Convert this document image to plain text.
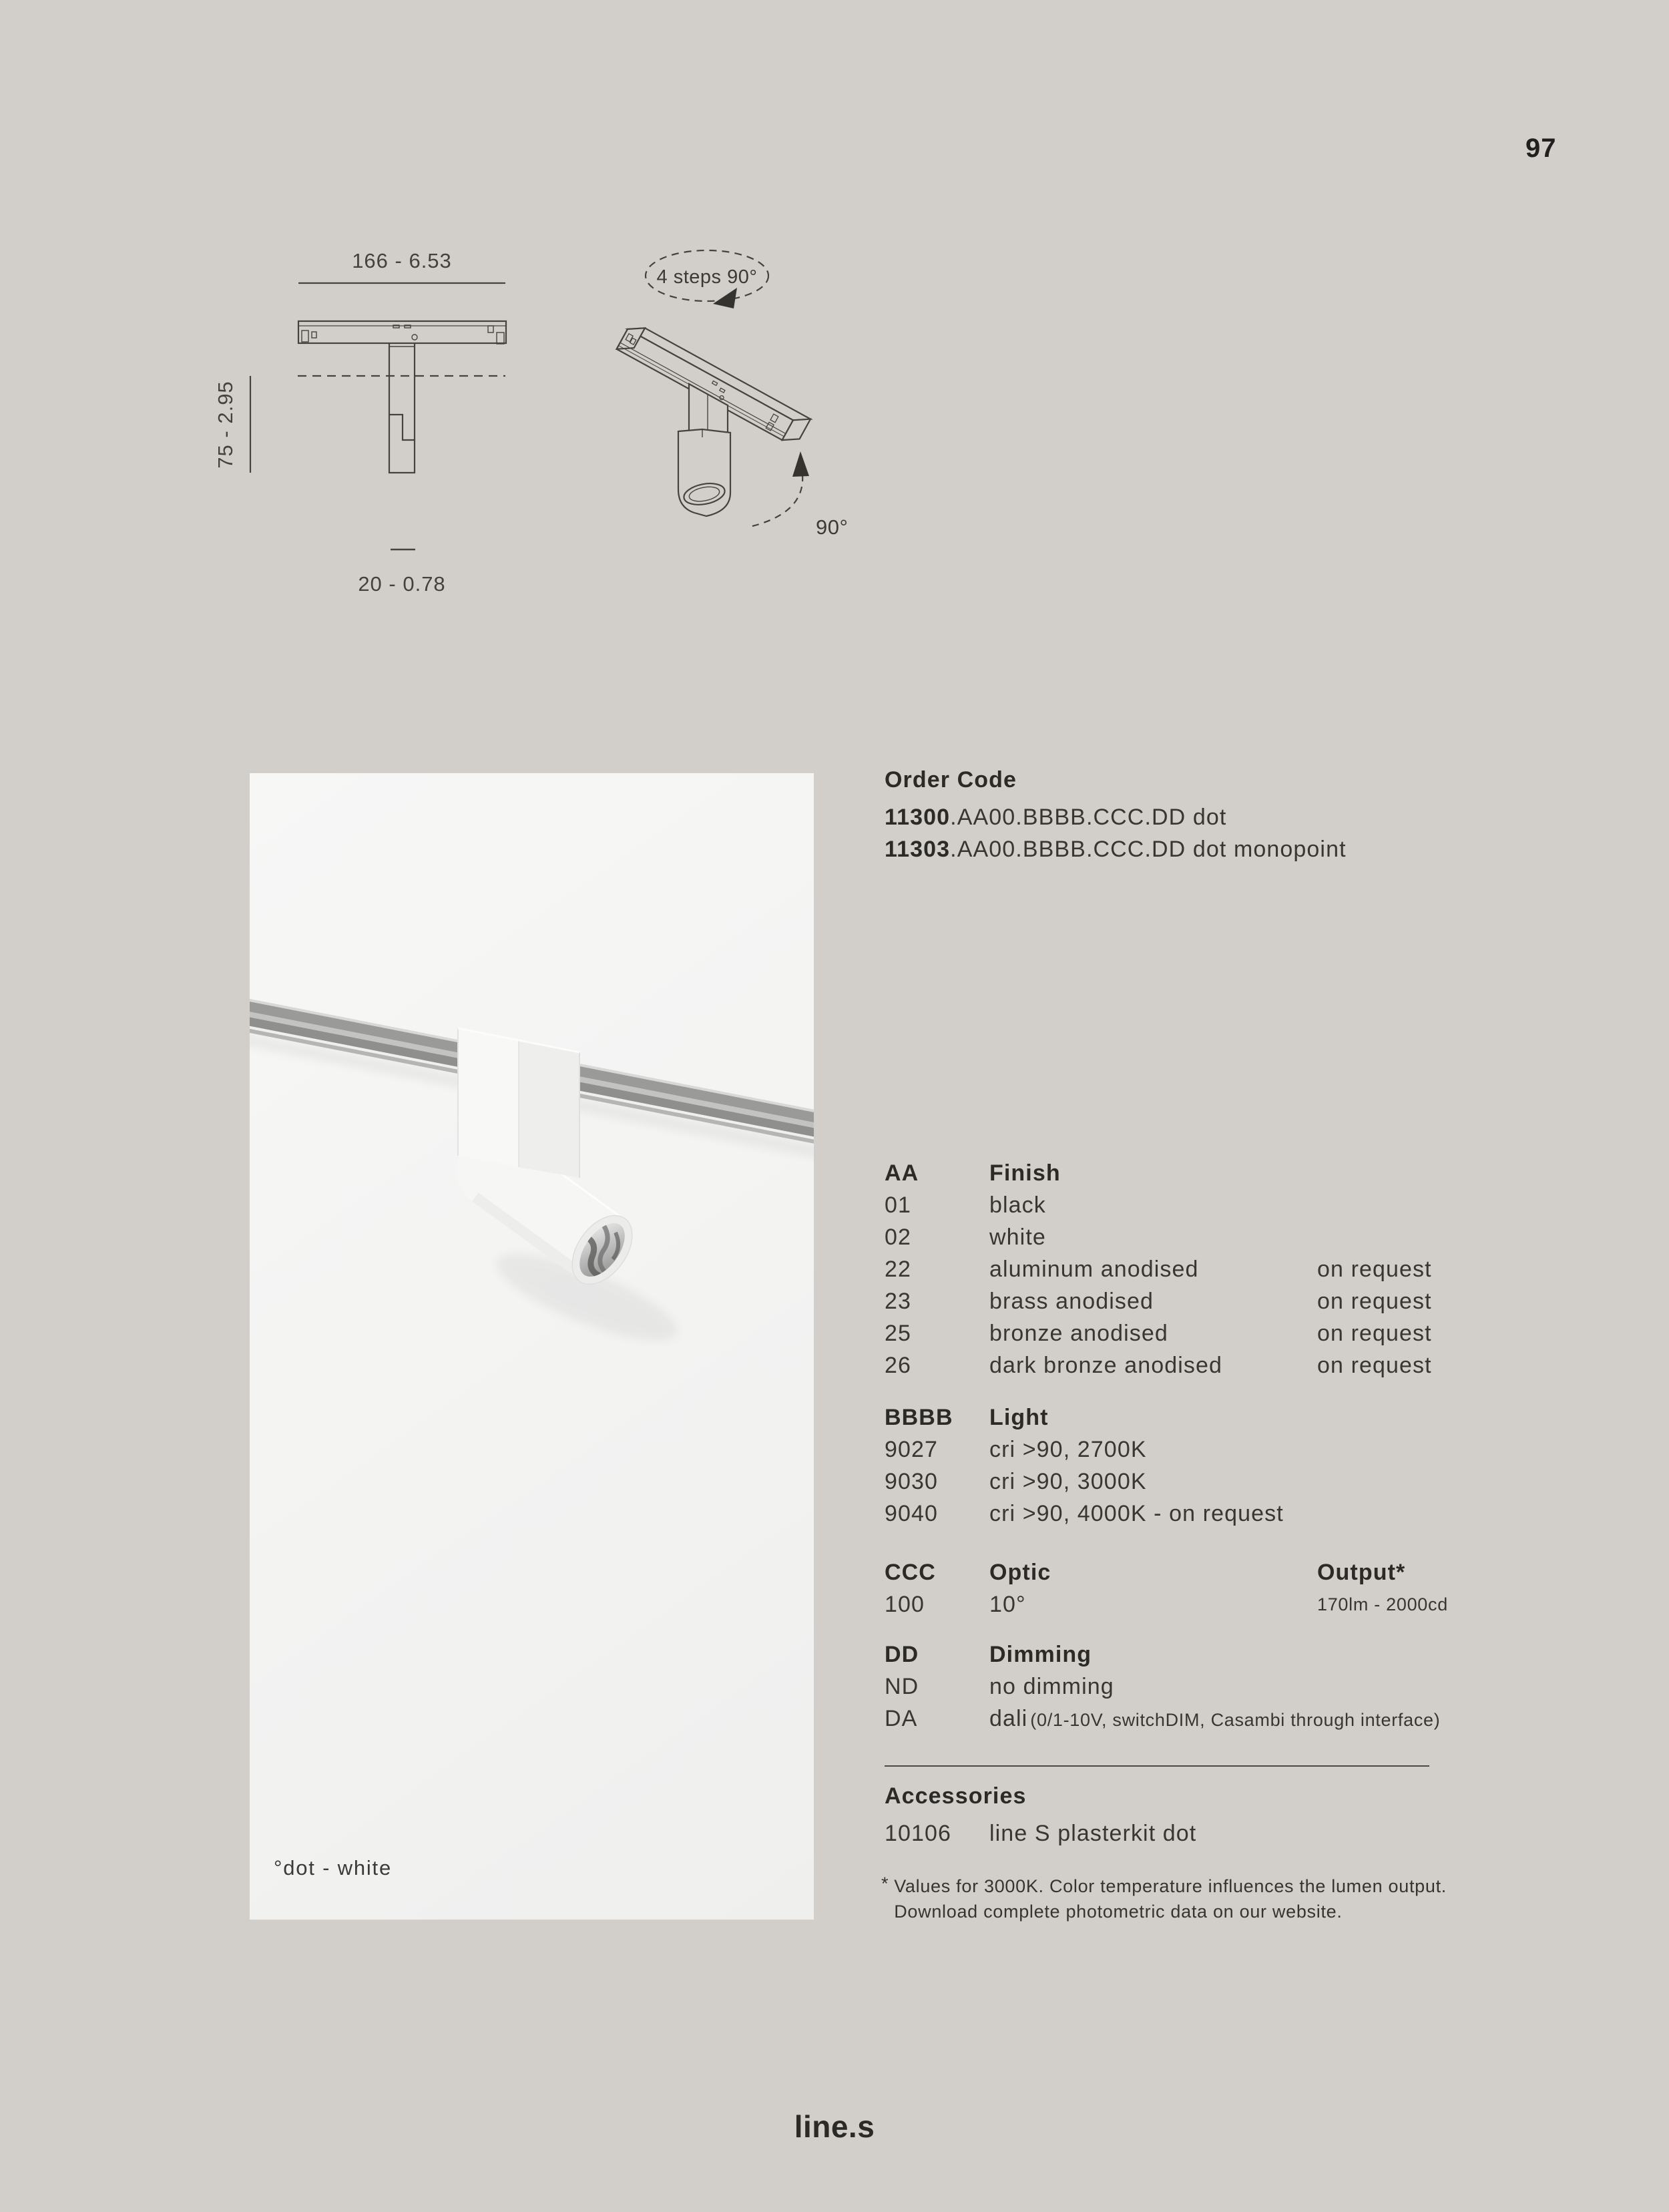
97
166 - 6.53
75 - 2.95
20 - 0.78
4 steps 90°
90°
°dot - white
Order Code
11300 .AA00.BBBB.CCC.DD dot
11303 .AA00.BBBB.CCC.DD dot monopoint
AA	Finish
01	black
02	white
22	aluminum anodised	on request
23	brass anodised	on request
25	bronze anodised	on request
26	dark bronze anodised	on request
BBBB	Light
9027	cri >90, 2700K
9030	cri >90, 3000K
9040	cri >90, 4000K - on request
CCC	Optic	Output*
100	10°	170lm - 2000cd
DD	Dimming
ND	no dimming
DA	dali  (0/1-10V, switchDIM, Casambi through interface)
Accessories
10106	line S plasterkit dot
* Values for 3000K. Color temperature influences the lumen output.
Download complete photometric data on our website.
line.s
